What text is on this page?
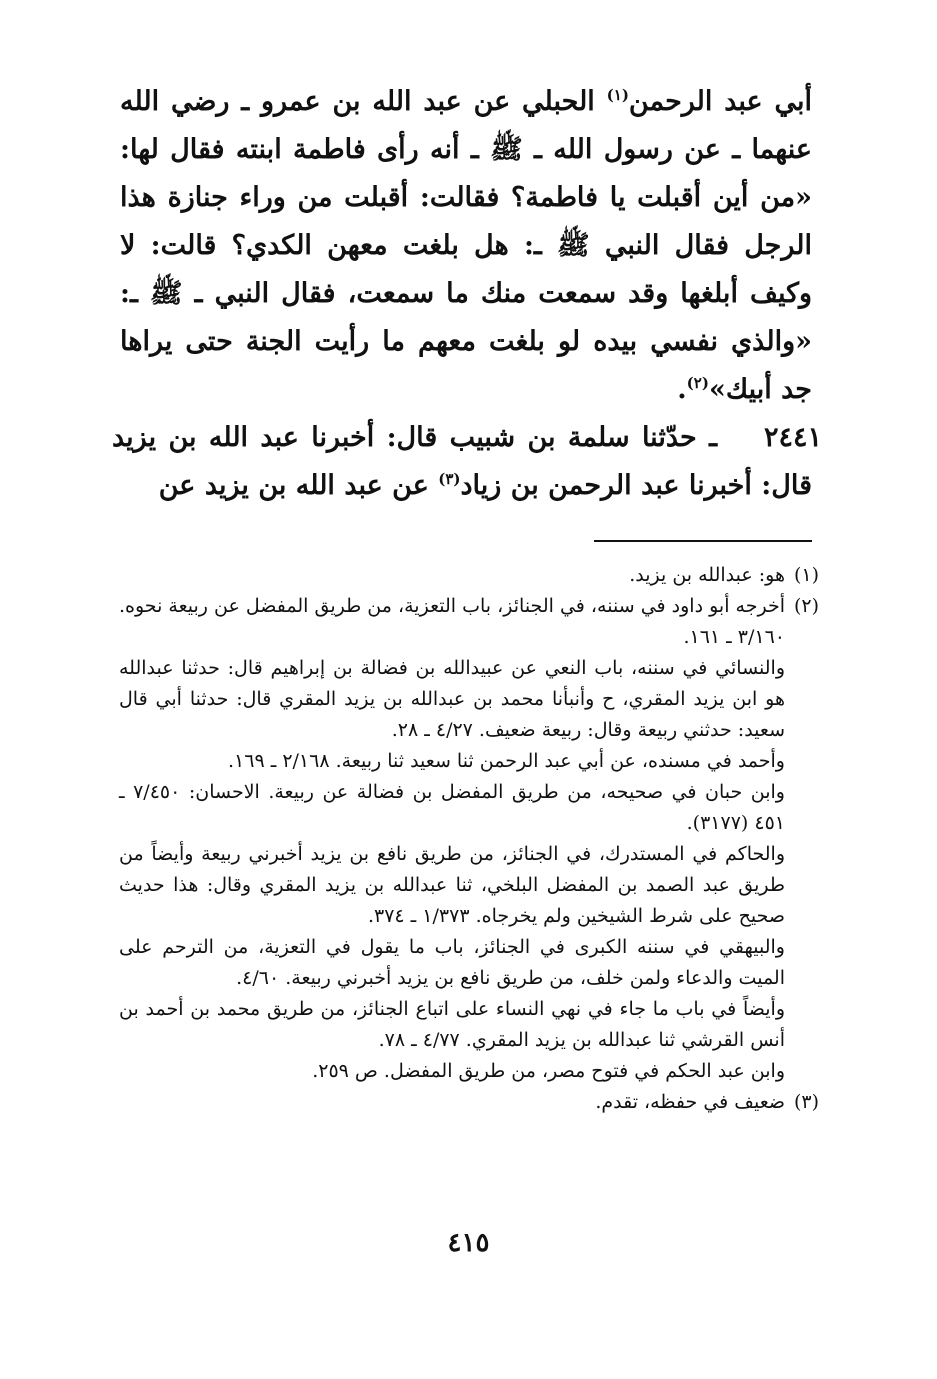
أبي عبد الرحمن$^{(١)}$ الحبلي عن عبد الله بن عمرو ـ رضي الله عنهما ـ عن رسول الله ـ ﷺ ـ أنه رأى فاطمة ابنته فقال لها: «من أين أقبلت يا فاطمة؟ فقالت: أقبلت من وراء جنازة هذا الرجل فقال النبي ﷺ ـ: هل بلغت معهن الكدي؟ قالت: لا وكيف أبلغها وقد سمعت منك ما سمعت، فقال النبي ـ ﷺ ـ: «والذي نفسي بيده لو بلغت معهم ما رأيت الجنة حتى يراها جد أبيك»$^{(٢)}$.

٢٤٤١

ـ حدّثنا سلمة بن شبيب قال: أخبرنا عبد الله بن يزيد قال: أخبرنا عبد الرحمن بن زياد$^{(٣)}$ عن عبد الله بن يزيد عن

(١)
هو: عبدالله بن يزيد.

(٢)
أخرجه أبو داود في سننه، في الجنائز، باب التعزية، من طريق المفضل عن ربيعة نحوه. ٣/١٦٠ ـ ١٦١.

والنسائي في سننه، باب النعي عن عبيدالله بن فضالة بن إبراهيم قال: حدثنا عبدالله هو ابن يزيد المقري، ح وأنبأنا محمد بن عبدالله بن يزيد المقري قال: حدثنا أبي قال سعيد: حدثني ربيعة وقال: ربيعة ضعيف. ٤/٢٧ ـ ٢٨.

وأحمد في مسنده، عن أبي عبد الرحمن ثنا سعيد ثنا ربيعة. ٢/١٦٨ ـ ١٦٩.

وابن حبان في صحيحه، من طريق المفضل بن فضالة عن ربيعة. الاحسان: ٧/٤٥٠ ـ ٤٥١ (٣١٧٧).

والحاكم في المستدرك، في الجنائز، من طريق نافع بن يزيد أخبرني ربيعة وأيضاً من طريق عبد الصمد بن المفضل البلخي، ثنا عبدالله بن يزيد المقري وقال: هذا حديث صحيح على شرط الشيخين ولم يخرجاه. ١/٣٧٣ ـ ٣٧٤.

والبيهقي في سننه الكبرى في الجنائز، باب ما يقول في التعزية، من الترحم على الميت والدعاء ولمن خلف، من طريق نافع بن يزيد أخبرني ربيعة. ٤/٦٠.

وأيضاً في باب ما جاء في نهي النساء على اتباع الجنائز، من طريق محمد بن أحمد بن أنس القرشي ثنا عبدالله بن يزيد المقري. ٤/٧٧ ـ ٧٨.

وابن عبد الحكم في فتوح مصر، من طريق المفضل. ص ٢٥٩.

(٣)
ضعيف في حفظه، تقدم.

٤١٥
